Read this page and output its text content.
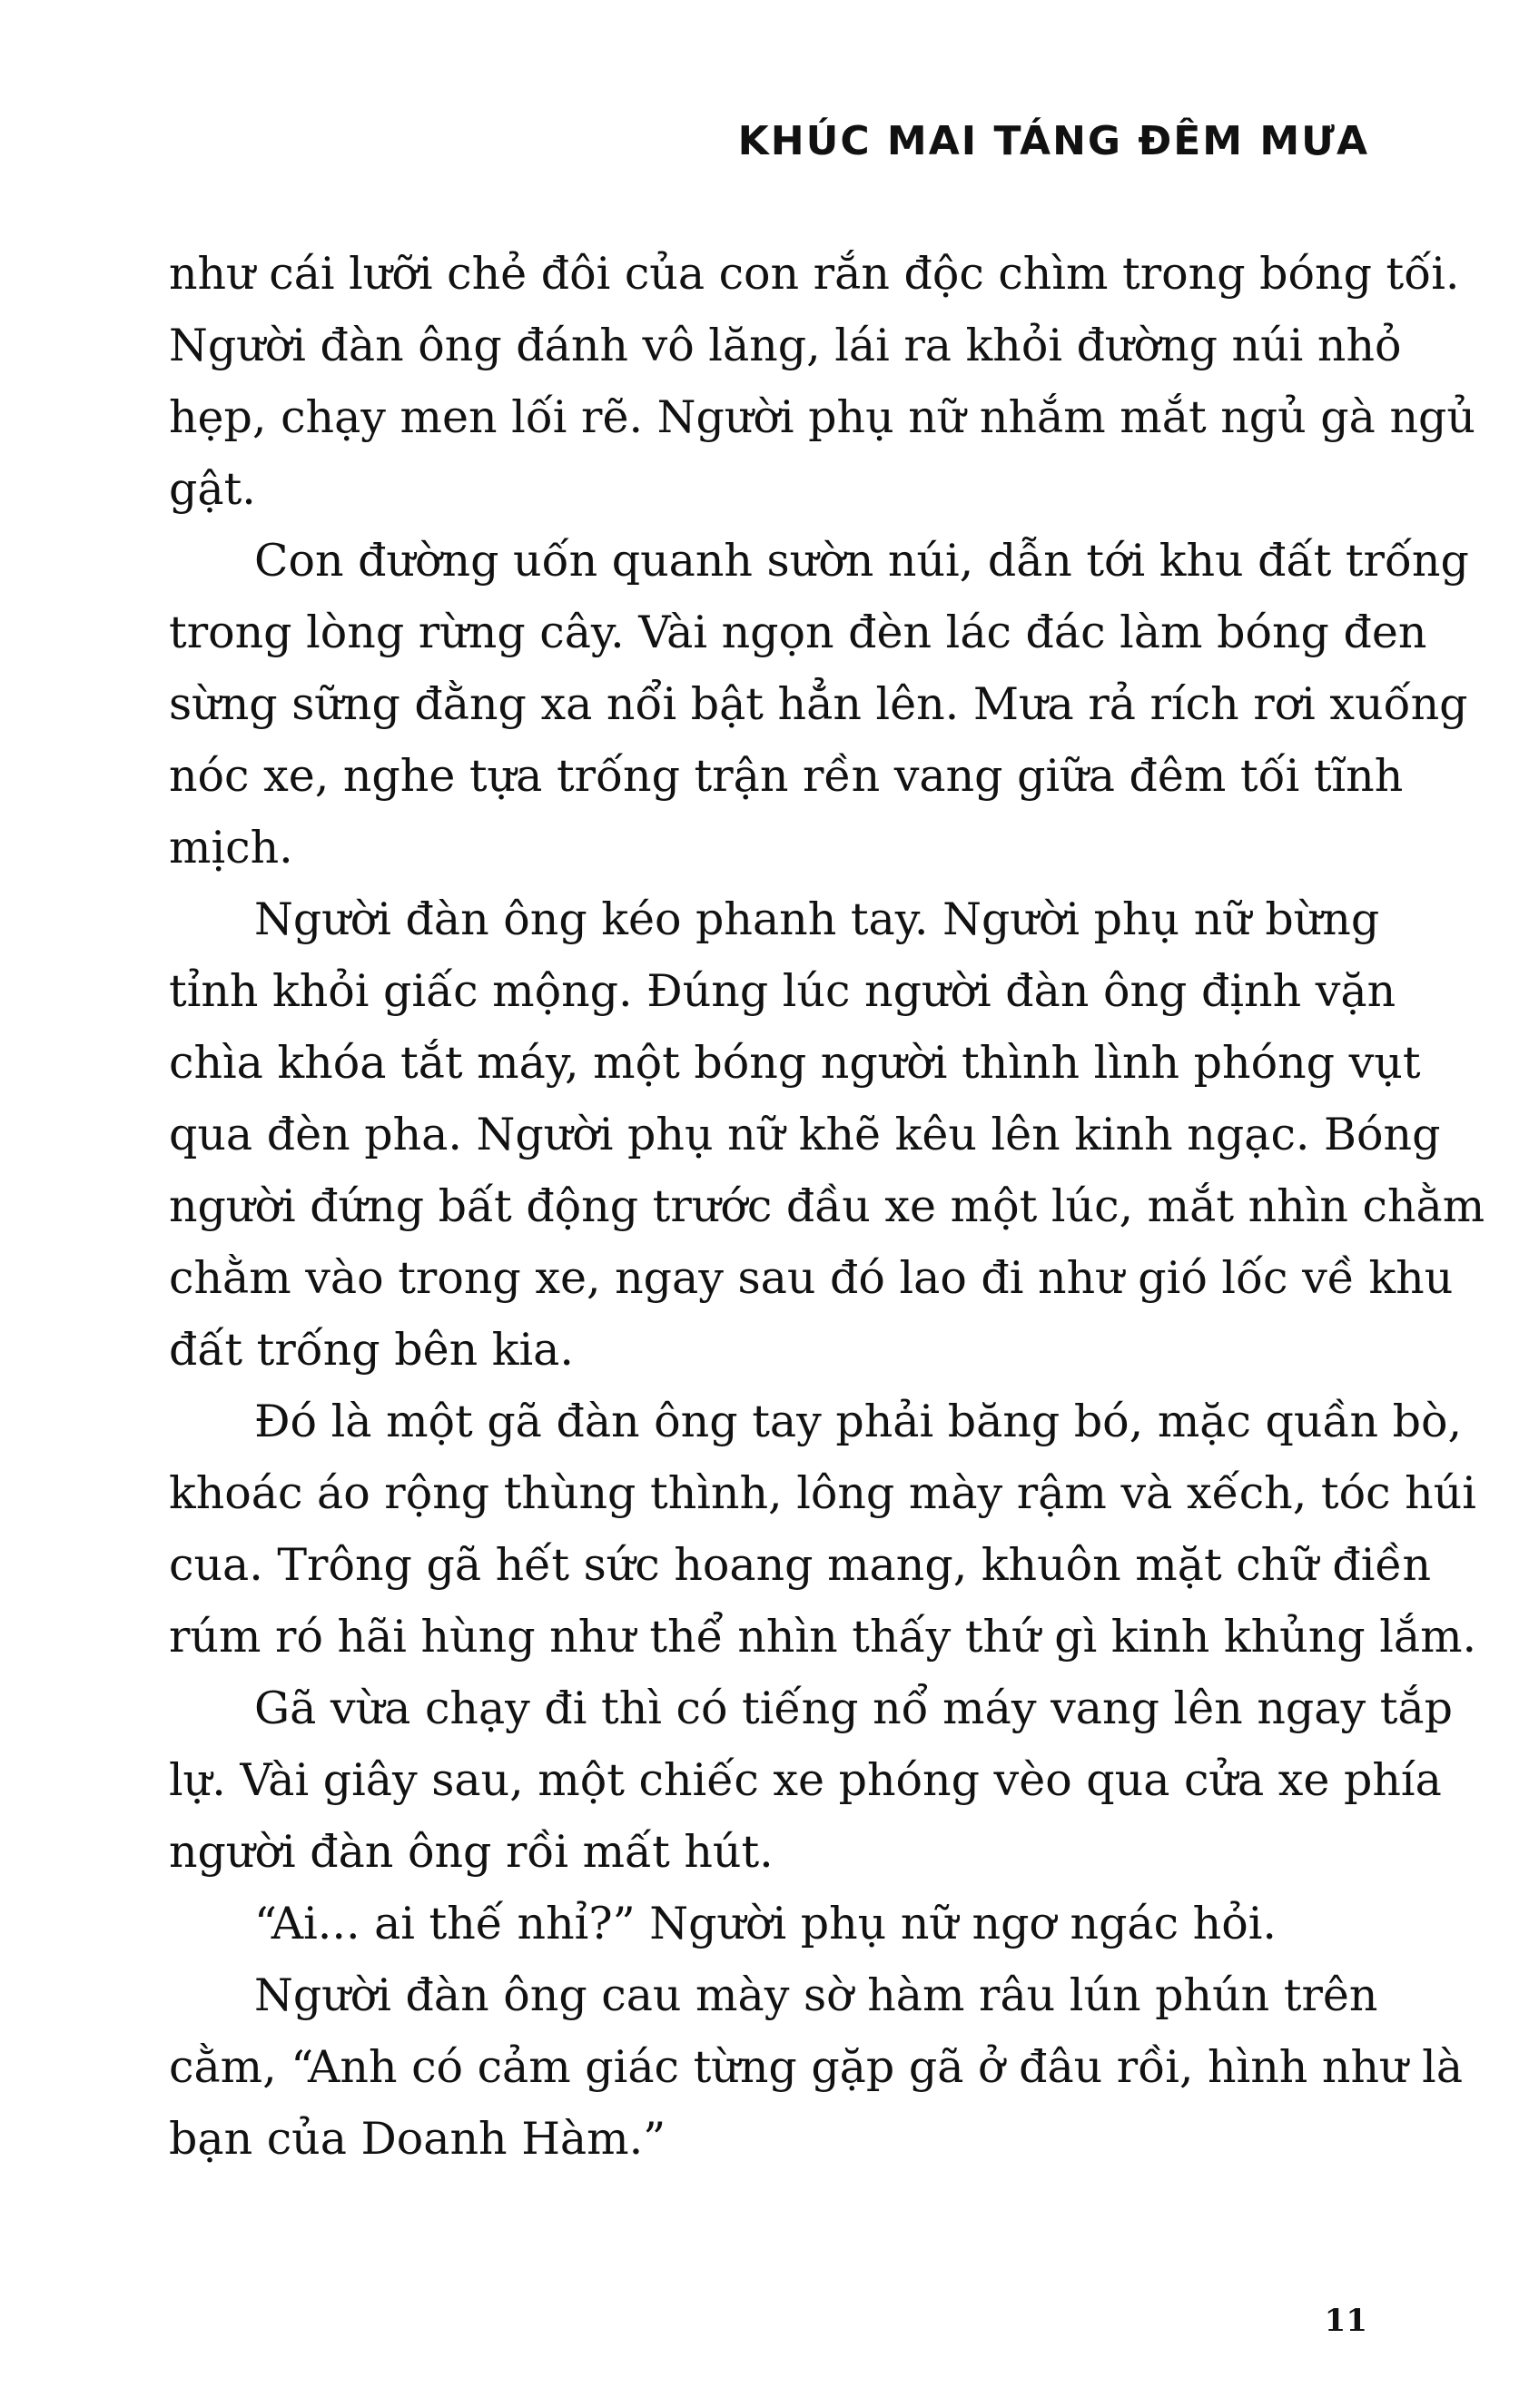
KHÚC MAI TÁNG ĐÊM MƯA
như cái lưỡi chẻ đôi của con rắn độc chìm trong bóng tối.
Người đàn ông đánh vô lăng, lái ra khỏi đường núi nhỏ
hẹp, chạy men lối rẽ. Người phụ nữ nhắm mắt ngủ gà ngủ
gật.
Con đường uốn quanh sườn núi, dẫn tới khu đất trống
trong lòng rừng cây. Vài ngọn đèn lác đác làm bóng đen
sừng sững đằng xa nổi bật hẳn lên. Mưa rả rích rơi xuống
nóc xe, nghe tựa trống trận rền vang giữa đêm tối tĩnh
mịch.
Người đàn ông kéo phanh tay. Người phụ nữ bừng
tỉnh khỏi giấc mộng. Đúng lúc người đàn ông định vặn
chìa khóa tắt máy, một bóng người thình lình phóng vụt
qua đèn pha. Người phụ nữ khẽ kêu lên kinh ngạc. Bóng
người đứng bất động trước đầu xe một lúc, mắt nhìn chằm
chằm vào trong xe, ngay sau đó lao đi như gió lốc về khu
đất trống bên kia.
Đó là một gã đàn ông tay phải băng bó, mặc quần bò,
khoác áo rộng thùng thình, lông mày rậm và xếch, tóc húi
cua. Trông gã hết sức hoang mang, khuôn mặt chữ điền
rúm ró hãi hùng như thể nhìn thấy thứ gì kinh khủng lắm.
Gã vừa chạy đi thì có tiếng nổ máy vang lên ngay tắp
lự. Vài giây sau, một chiếc xe phóng vèo qua cửa xe phía
người đàn ông rồi mất hút.
“Ai... ai thế nhỉ?” Người phụ nữ ngơ ngác hỏi.
Người đàn ông cau mày sờ hàm râu lún phún trên
cằm, “Anh có cảm giác từng gặp gã ở đâu rồi, hình như là
bạn của Doanh Hàm.”
11
